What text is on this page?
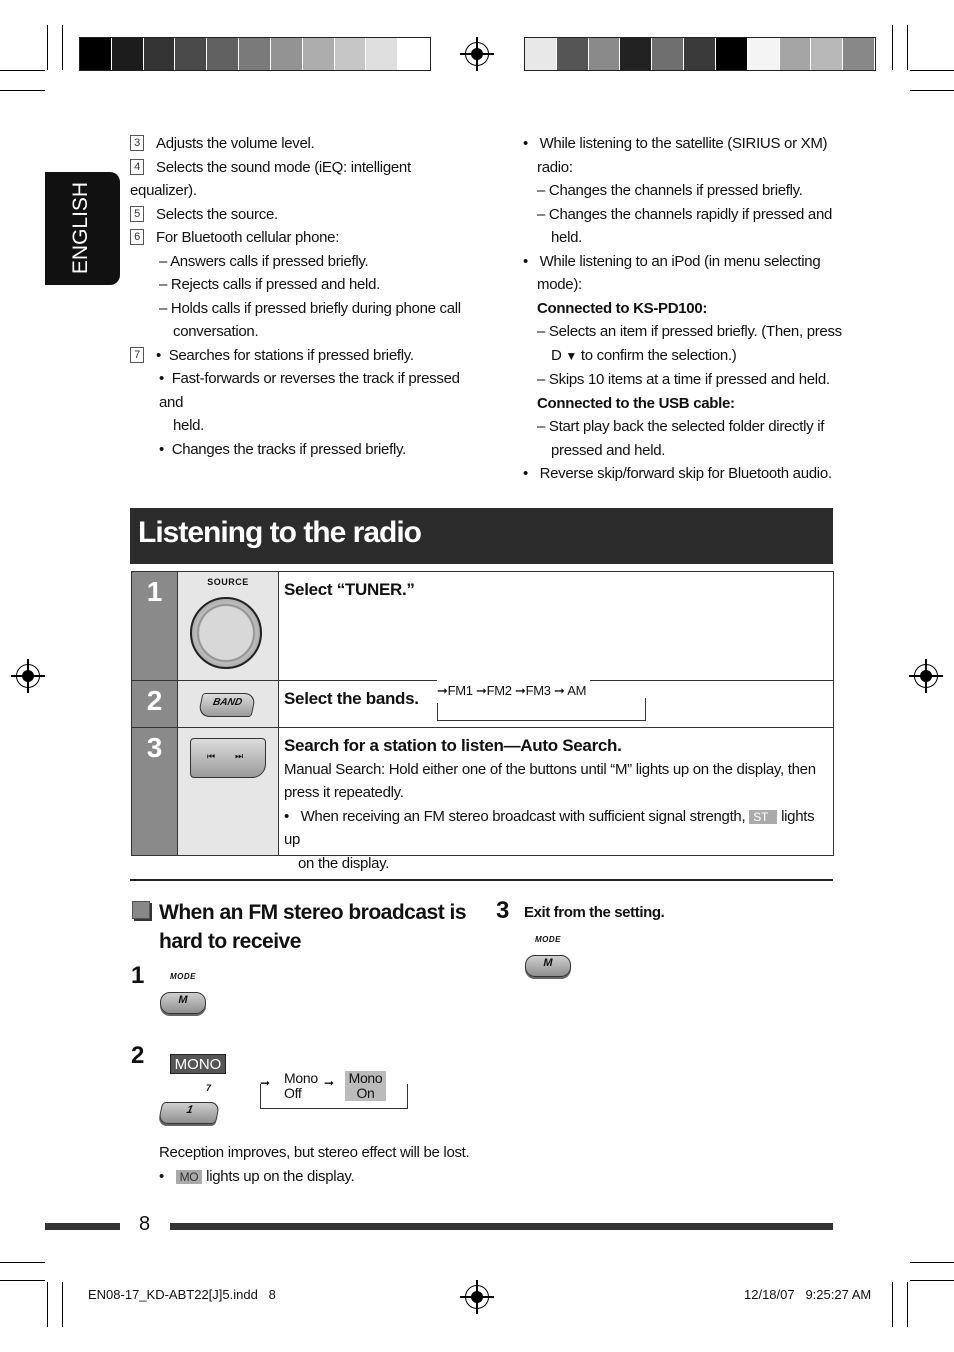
ENGLISH
3 Adjusts the volume level.
4 Selects the sound mode (iEQ: intelligent equalizer).
5 Selects the source.
6 For Bluetooth cellular phone:
– Answers calls if pressed briefly.
– Rejects calls if pressed and held.
– Holds calls if pressed briefly during phone call
conversation.
7 •  Searches for stations if pressed briefly.
•  Fast-forwards or reverses the track if pressed and
held.
•  Changes the tracks if pressed briefly.
•   While listening to the satellite (SIRIUS or XM)
radio:
– Changes the channels if pressed briefly.
– Changes the channels rapidly if pressed and
held.
•   While listening to an iPod (in menu selecting
mode):
Connected to KS-PD100:
– Selects an item if pressed briefly. (Then, press
D ▼ to confirm the selection.)
– Skips 10 items at a time if pressed and held.
Connected to the USB cable:
– Start play back the selected folder directly if
pressed and held.
•   Reverse skip/forward skip for Bluetooth audio.
Listening to the radio
1	SOURCE	Select “TUNER.”
2	BAND	Select the bands.	➞FM1 ➞FM2 ➞FM3 ➞ AM
3	⏮ ⏭
Search for a station to listen—Auto Search.
Manual Search: Hold either one of the buttons until “M” lights up on the display, then
press it repeatedly.
•   When receiving an FM stereo broadcast with sufficient signal strength, ST lights up
on the display.
When an FM stereo broadcast is
hard to receive
1	MODE
M
2	MONO
7
1
➞ Mono
Off
➞ Mono
On
Reception improves, but stereo effect will be lost.
•   MO lights up on the display.
3 Exit from the setting.
MODE
M
8
EN08-17_KD-ABT22[J]5.indd   8	12/18/07   9:25:27 AM
